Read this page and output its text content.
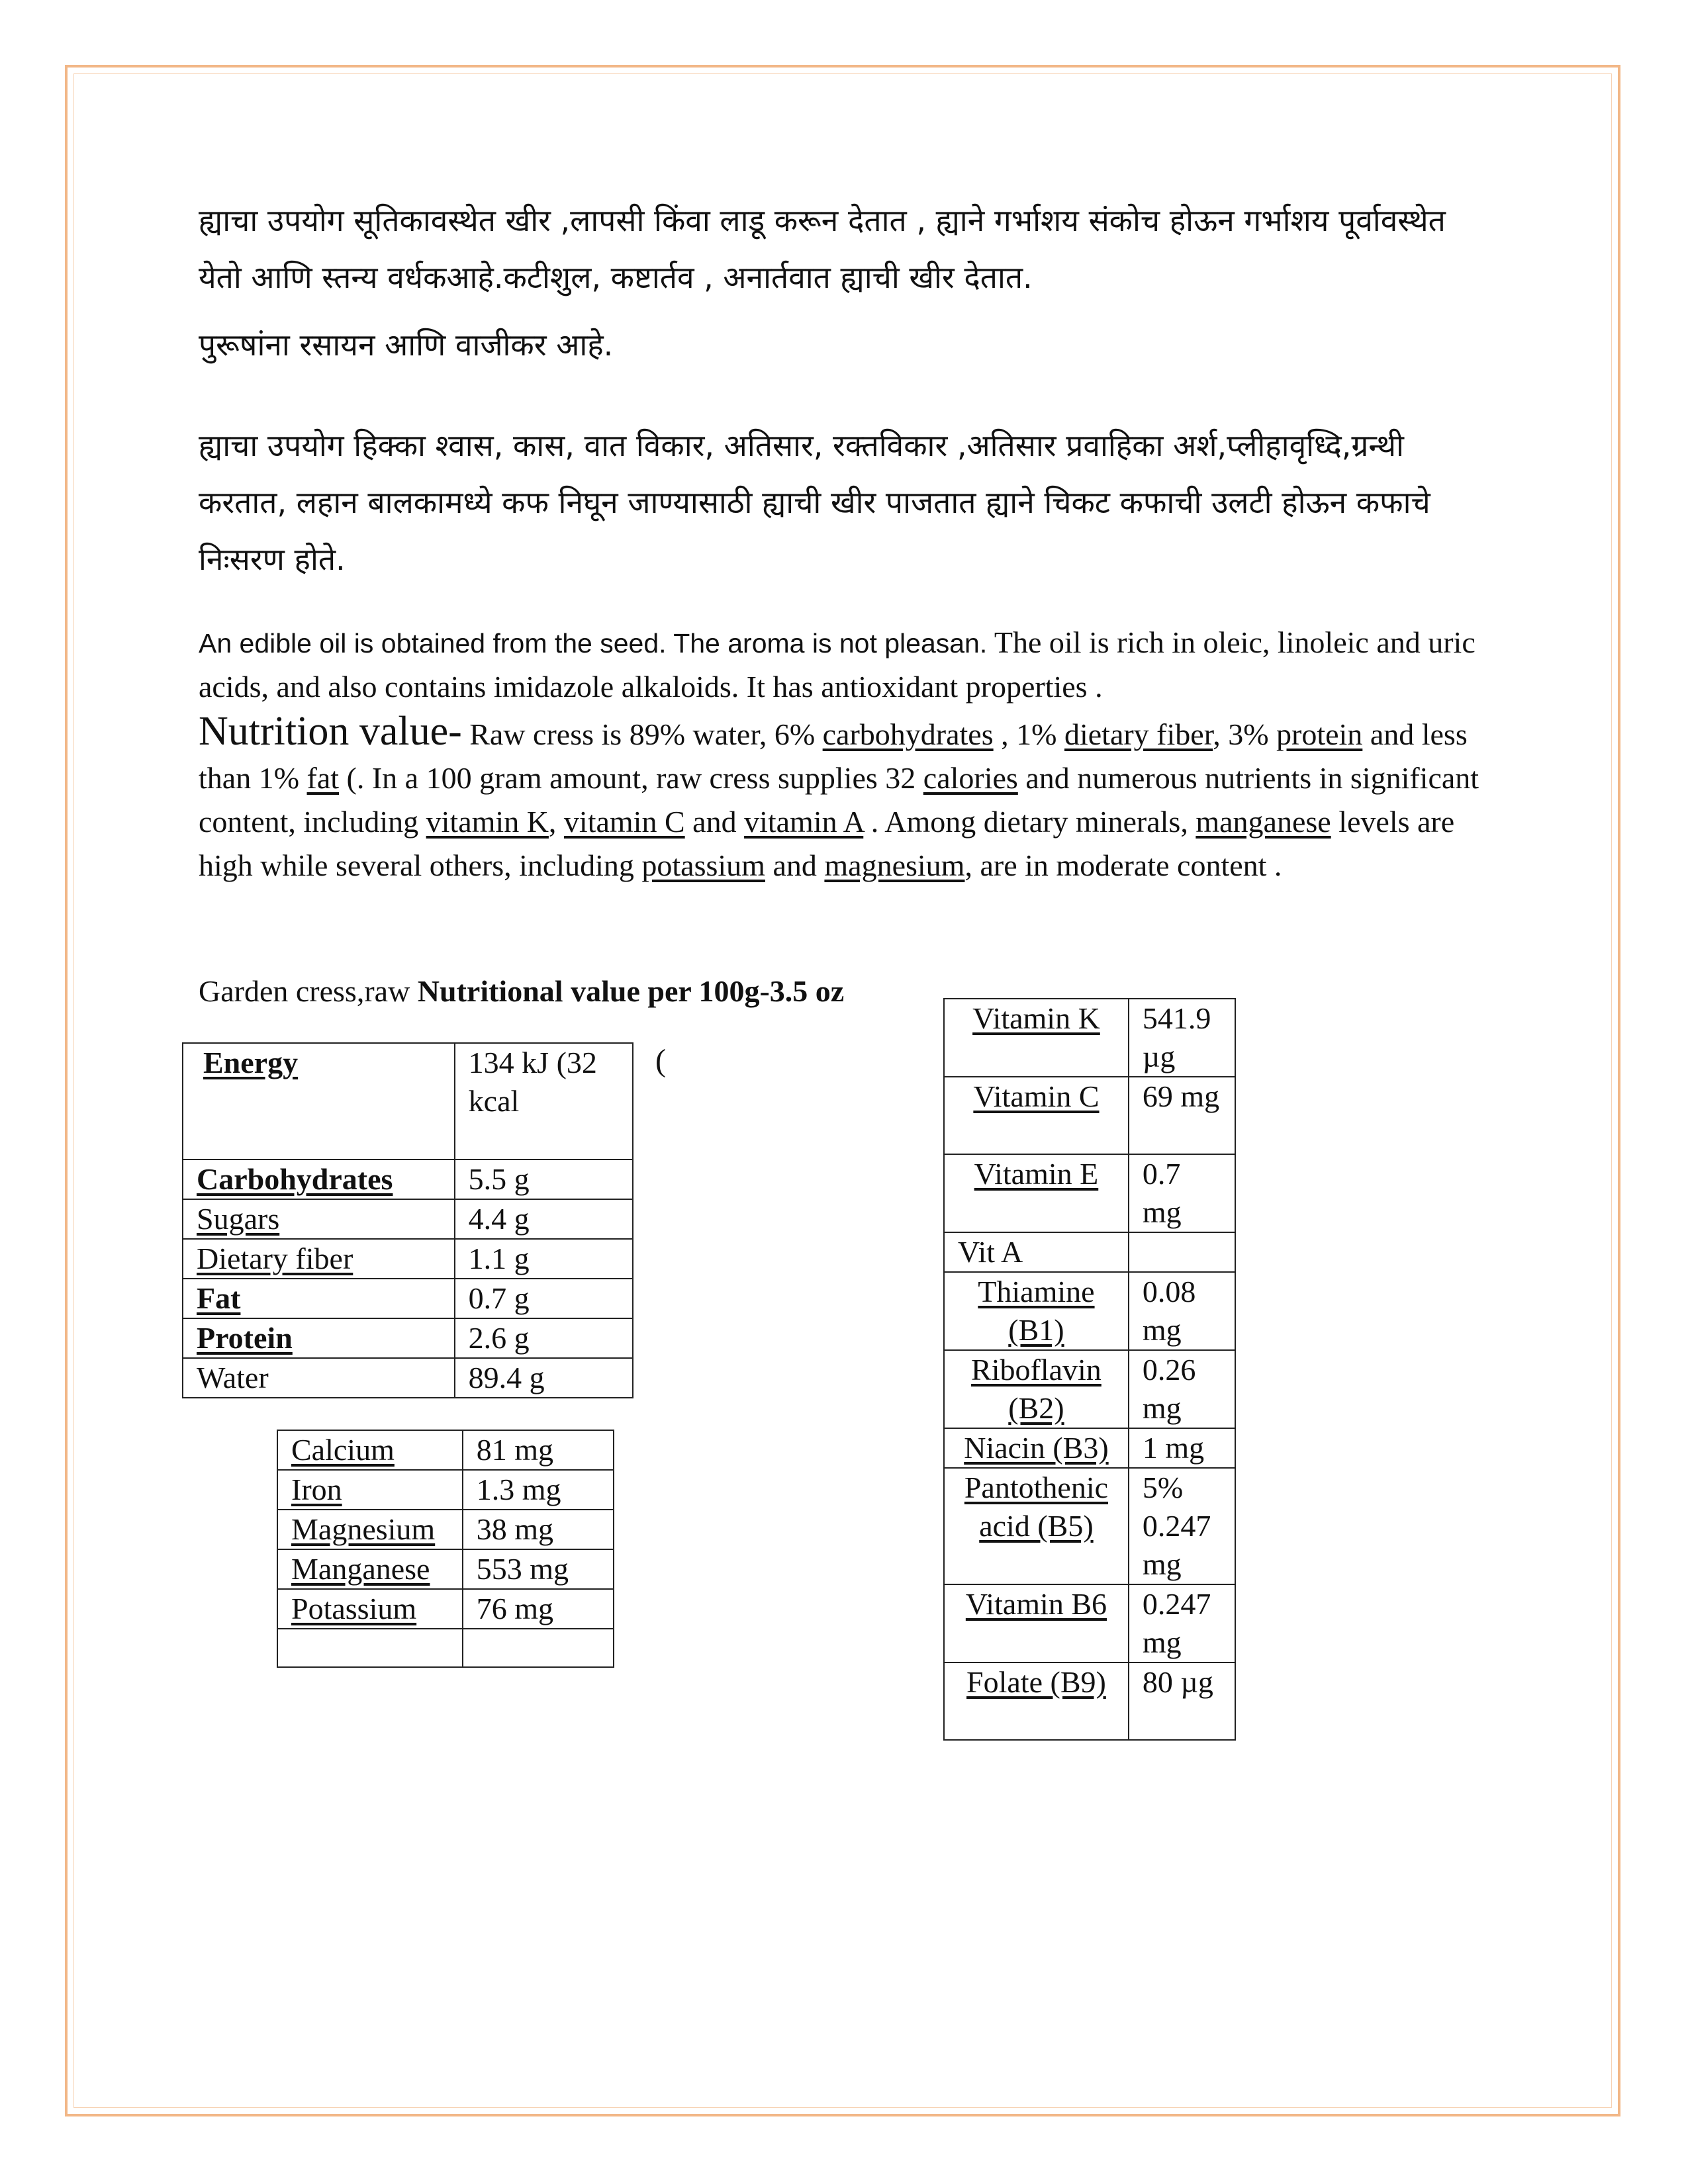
ह्याचा उपयोग सूतिकावस्थेत खीर ,लापसी किंवा लाडू करून देतात , ह्याने गर्भाशय संकोच होऊन गर्भाशय पूर्वावस्थेत येतो आणि स्तन्य वर्धकआहे.कटीशुल, कष्टार्तव , अनार्तवात ह्याची खीर देतात.

पुरूषांना रसायन आणि वाजीकर आहे.

ह्याचा उपयोग हिक्का श्वास, कास, वात विकार, अतिसार, रक्तविकार ,अतिसार प्रवाहिका अर्श,प्लीहावृध्दि,ग्रन्थी करतात, लहान बालकामध्ये कफ निघून जाण्यासाठी ह्याची खीर पाजतात ह्याने चिकट कफाची उलटी होऊन कफाचे निःसरण होते.

An edible oil is obtained from the seed. The aroma is not pleasan. The oil is rich in oleic, linoleic and uric acids, and also contains imidazole alkaloids. It has antioxidant properties .

Nutrition value- Raw cress is 89% water, 6% carbohydrates , 1% dietary fiber, 3% protein and less than 1% fat (. In a 100 gram amount, raw cress supplies 32 calories and numerous nutrients in significant content, including vitamin K, vitamin C and vitamin A . Among dietary minerals, manganese levels are high while several others, including potassium and magnesium, are in moderate content .

Garden cress,raw Nutritional value per 100g-3.5 oz

Energy	134 kJ (32 kcal
Carbohydrates	5.5 g
Sugars	4.4 g
Dietary fiber	1.1 g
Fat	0.7 g
Protein	2.6 g
Water	89.4 g
(
Calcium	81 mg
Iron	1.3 mg
Magnesium	38 mg
Manganese	553 mg
Potassium	76 mg

Vitamin K	541.9 µg
Vitamin C	69 mg
Vitamin E	0.7 mg
Vit A	
Thiamine (B1)	0.08 mg
Riboflavin (B2)	0.26 mg
Niacin (B3)	1 mg
Pantothenic acid (B5)	5% 0.247 mg
Vitamin B6	0.247 mg
Folate (B9)	80 µg
